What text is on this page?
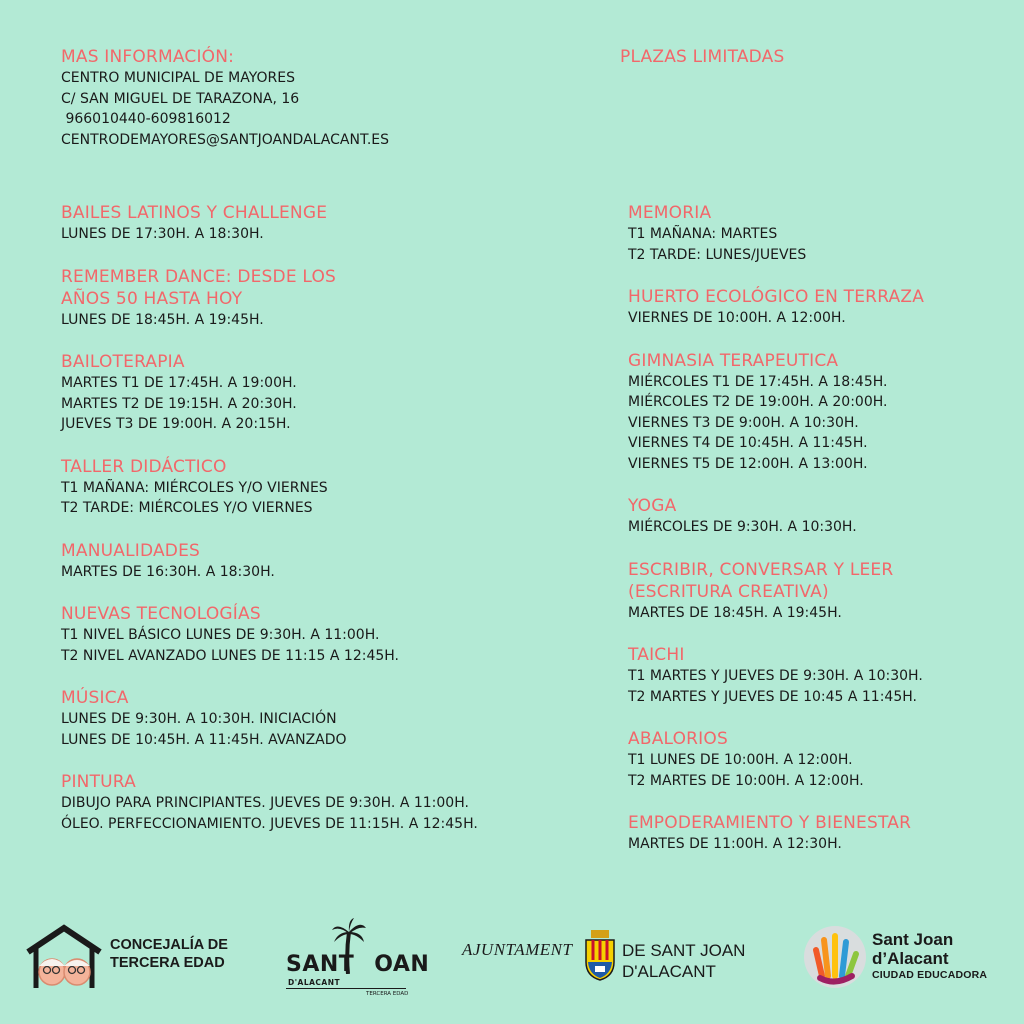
MAS INFORMACIÓN:
CENTRO MUNICIPAL DE MAYORES
C/ SAN MIGUEL DE TARAZONA, 16
966010440-609816012
CENTRODEMAYORES@SANTJOANDALACANT.ES
PLAZAS LIMITADAS
BAILES LATINOS Y CHALLENGE
LUNES DE 17:30H. A 18:30H.
REMEMBER DANCE: DESDE LOS
AÑOS 50 HASTA HOY
LUNES DE 18:45H. A 19:45H.
BAILOTERAPIA
MARTES T1 DE 17:45H. A 19:00H.
MARTES T2 DE 19:15H. A 20:30H.
JUEVES T3 DE 19:00H. A 20:15H.
TALLER DIDÁCTICO
T1 MAÑANA: MIÉRCOLES Y/O VIERNES
T2 TARDE: MIÉRCOLES Y/O VIERNES
MANUALIDADES
MARTES DE 16:30H. A 18:30H.
NUEVAS TECNOLOGÍAS
T1 NIVEL BÁSICO LUNES DE 9:30H. A 11:00H.
T2 NIVEL AVANZADO LUNES DE 11:15 A 12:45H.
MÚSICA
LUNES DE 9:30H. A 10:30H. INICIACIÓN
LUNES DE 10:45H. A 11:45H. AVANZADO
PINTURA
DIBUJO PARA PRINCIPIANTES. JUEVES DE 9:30H. A 11:00H.
ÓLEO. PERFECCIONAMIENTO. JUEVES DE 11:15H. A 12:45H.
MEMORIA
T1 MAÑANA: MARTES
T2 TARDE: LUNES/JUEVES
HUERTO ECOLÓGICO EN TERRAZA
VIERNES DE 10:00H. A 12:00H.
GIMNASIA TERAPEUTICA
MIÉRCOLES T1 DE 17:45H. A 18:45H.
MIÉRCOLES T2 DE 19:00H. A 20:00H.
VIERNES T3 DE 9:00H. A 10:30H.
VIERNES T4 DE 10:45H. A 11:45H.
VIERNES T5 DE 12:00H. A 13:00H.
YOGA
MIÉRCOLES DE 9:30H. A 10:30H.
ESCRIBIR, CONVERSAR Y LEER
(ESCRITURA CREATIVA)
MARTES DE 18:45H. A 19:45H.
TAICHI
T1 MARTES Y JUEVES DE 9:30H. A 10:30H.
T2 MARTES Y JUEVES DE 10:45 A 11:45H.
ABALORIOS
T1 LUNES DE 10:00H. A 12:00H.
T2 MARTES DE 10:00H. A 12:00H.
EMPODERAMIENTO Y BIENESTAR
MARTES DE 11:00H. A 12:30H.
CONCEJALÍA DE
TERCERA EDAD	SANT OAN
D'ALACANT
TERCERA EDAD
AJUNTAMENT	DE SANT JOAN
D'ALACANT
Sant Joan
d’Alacant
CIUDAD EDUCADORA
